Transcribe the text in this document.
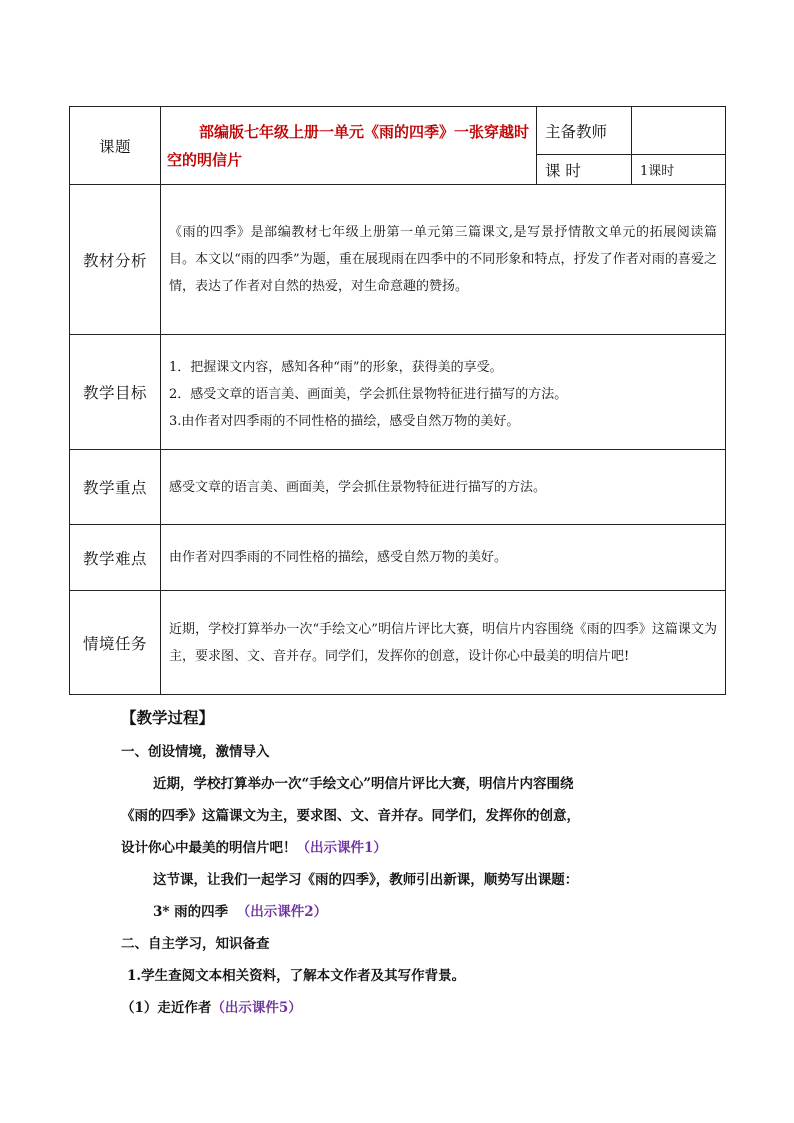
课题	部编版七年级上册一单元《雨的四季》一张穿越时空的明信片	主备教师	
		课 时	1课时
教材分析	《雨的四季》是部编教材七年级上册第一单元第三篇课文,是写景抒情散文单元的拓展阅读篇目。本文以“雨的四季”为题，重在展现雨在四季中的不同形象和特点，抒发了作者对雨的喜爱之情，表达了作者对自然的热爱，对生命意趣的赞扬。		
教学目标	1．把握课文内容，感知各种“雨”的形象，获得美的享受。
2．感受文章的语言美、画面美，学会抓住景物特征进行描写的方法。
3.由作者对四季雨的不同性格的描绘，感受自然万物的美好。		

教学重点	感受文章的语言美、画面美，学会抓住景物特征进行描写的方法。		
教学难点	由作者对四季雨的不同性格的描绘，感受自然万物的美好。		
情境任务	近期，学校打算举办一次“手绘文心”明信片评比大赛，明信片内容围绕《雨的四季》这篇课文为主，要求图、文、音并存。同学们，发挥你的创意，设计你心中最美的明信片吧!		
【教学过程】
一、创设情境，激情导入
近期，学校打算举办一次“手绘文心”明信片评比大赛，明信片内容围绕
《雨的四季》这篇课文为主，要求图、文、音并存。同学们，发挥你的创意，
设计你心中最美的明信片吧！（出示课件1）
这节课，让我们一起学习《雨的四季》，教师引出新课，顺势写出课题：
3* 雨的四季 （出示课件2）
二、自主学习，知识备查
1.学生查阅文本相关资料，了解本文作者及其写作背景。
（1）走近作者（出示课件5）
